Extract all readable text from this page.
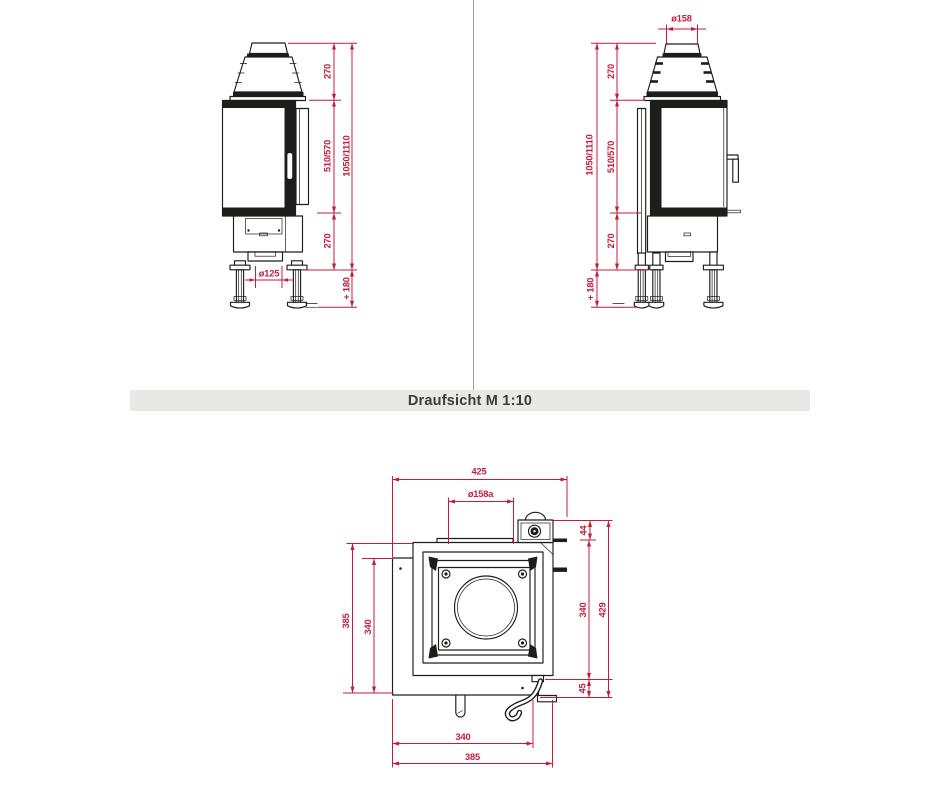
270
510/570
270
1050/1110
+ 180
ø125
ø158
270
510/570
270
1050/1110
+ 180
425
ø158a
44
340
45
429
385 340
340
385
Draufsicht M 1:10
